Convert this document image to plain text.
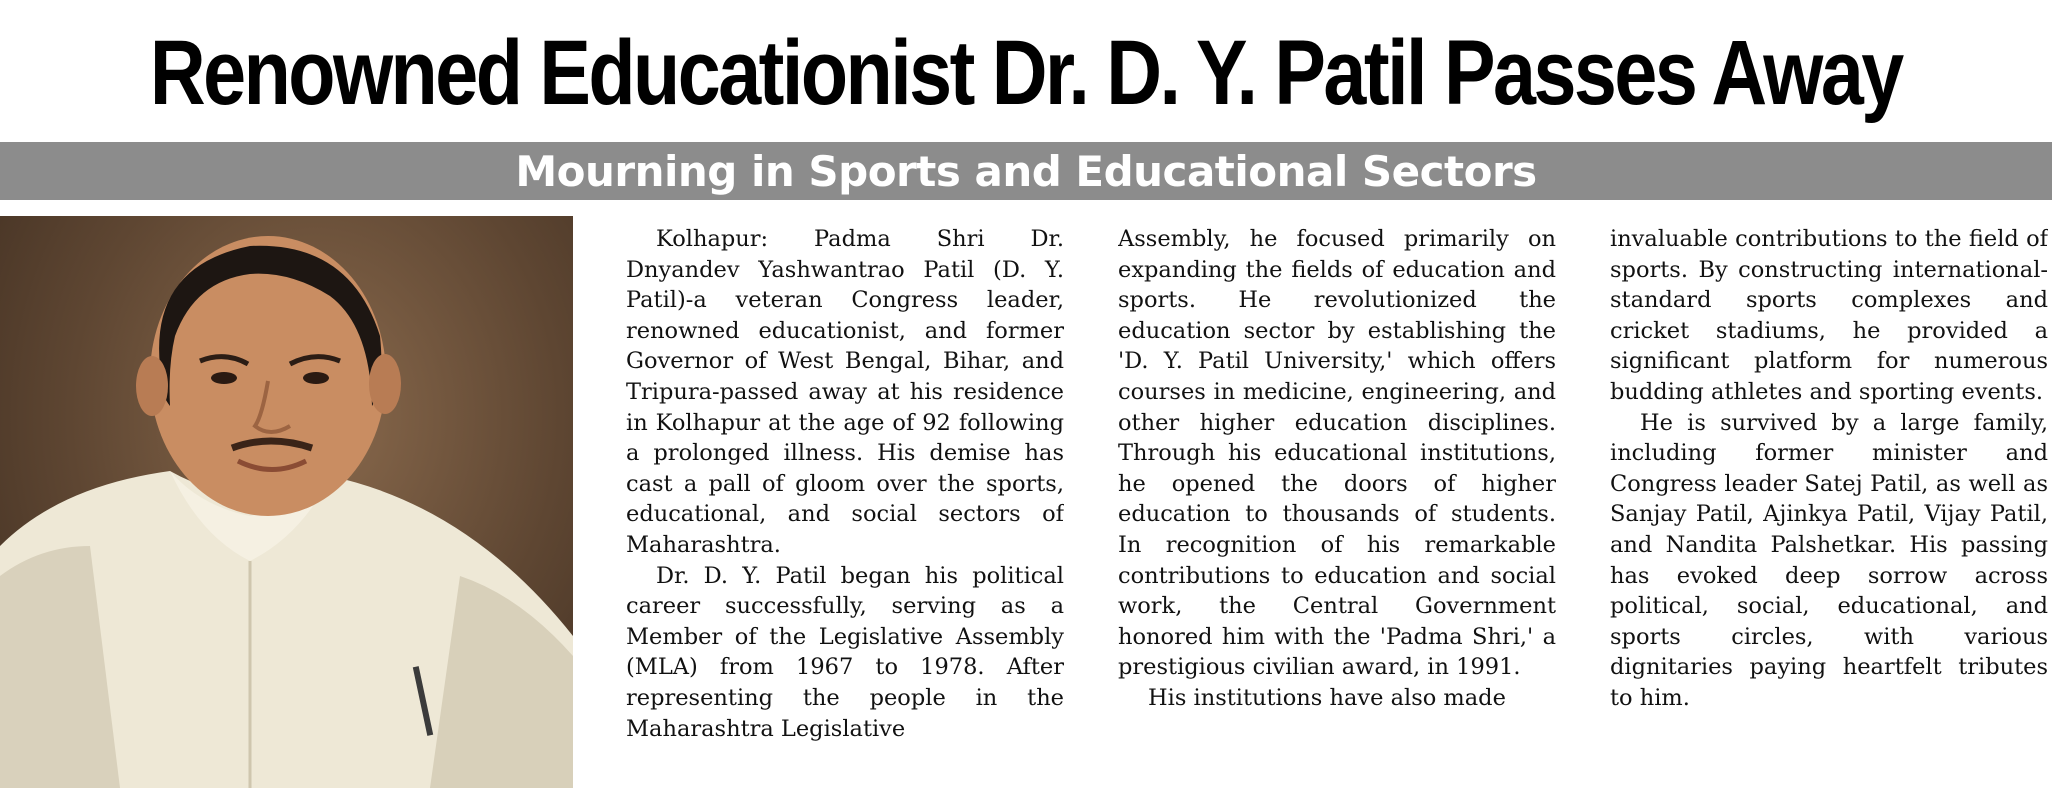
Renowned Educationist Dr. D. Y. Patil Passes Away
Mourning in Sports and Educational Sectors

Kolhapur: Padma Shri Dr. Dnyandev Yashwantrao Patil (D. Y. Patil)-a veteran Congress leader, renowned educationist, and former Governor of West Bengal, Bihar, and Tripura-passed away at his residence in Kolhapur at the age of 92 following a prolonged illness. His demise has cast a pall of gloom over the sports, educational, and social sectors of Maharashtra.

Dr. D. Y. Patil began his political career successfully, serving as a Member of the Legislative Assembly (MLA) from 1967 to 1978. After representing the people in the Maharashtra Legislative

Assembly, he focused primarily on expanding the fields of education and sports. He revolutionized the education sector by establishing the 'D. Y. Patil University,' which offers courses in medicine, engineering, and other higher education disciplines. Through his educational institutions, he opened the doors of higher education to thousands of students. In recognition of his remarkable contributions to education and social work, the Central Government honored him with the 'Padma Shri,' a prestigious civilian award, in 1991.

His institutions have also made

invaluable contributions to the field of sports. By constructing international-standard sports complexes and cricket stadiums, he provided a significant platform for numerous budding athletes and sporting events.

He is survived by a large family, including former minister and Congress leader Satej Patil, as well as Sanjay Patil, Ajinkya Patil, Vijay Patil, and Nandita Palshetkar. His passing has evoked deep sorrow across political, social, educational, and sports circles, with various dignitaries paying heartfelt tributes to him.
